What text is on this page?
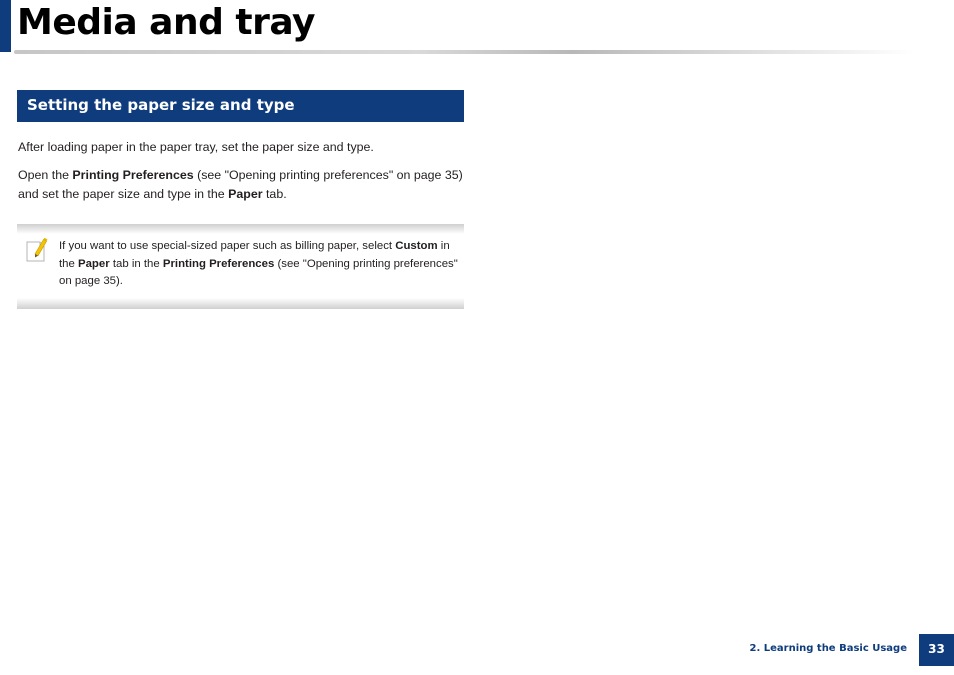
Media and tray
Setting the paper size and type

After loading paper in the paper tray, set the paper size and type.

Open the Printing Preferences (see "Opening printing preferences" on page 35) and set the paper size and type in the Paper tab.

If you want to use special-sized paper such as billing paper, select Custom in the Paper tab in the Printing Preferences (see "Opening printing preferences" on page 35).

2. Learning the Basic Usage	33
